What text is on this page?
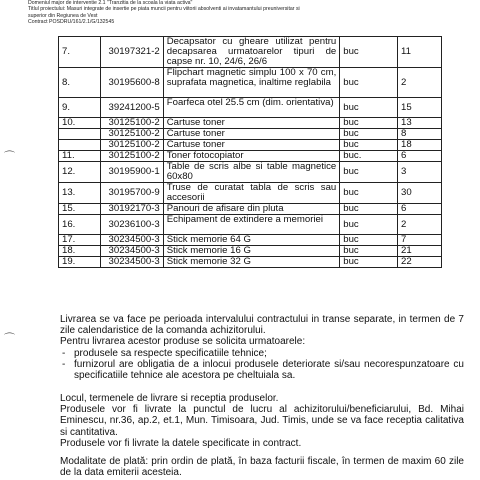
Domeniul major de interventie 2.1 "Tranzitia de la scoala la viata activa"
Titlul proiectului: Masuri integrate de insertie pe piata muncii pentru viitorii absolventi ai invatamantului preuniversitar si
superior din Regiunea de Vest
Contract POSDRU/161/2.1/G/132545
⌒
⌒
7.	30197321-2	Decapsator cu gheare utilizat pentru decapsarea urmatoarelor tipuri de capse nr. 10, 24/6, 26/6	buc	11
8.	30195600-8	Flipchart magnetic simplu 100 x 70 cm, suprafata magnetica, inaltime reglabila	buc	2
9.	39241200-5	Foarfeca otel 25.5 cm (dim. orientativa)	buc	15
10.	30125100-2	Cartuse toner	buc	13
	30125100-2	Cartuse toner	buc	8
	30125100-2	Cartuse toner	buc	18
11.	30125100-2	Toner fotocopiator	buc.	6
12.	30195900-1	Table de scris albe si table magnetice 60x80	buc	3
13.	30195700-9	Truse de curatat tabla de scris sau accesorii	buc	30
15.	30192170-3	Panouri de afisare din pluta	buc	6
16.	30236100-3	Echipament de extindere a memoriei	buc	2
17.	30234500-3	Stick memorie 64 G	buc	7
18.	30234500-3	Stick memorie 16 G	buc	21
19.	30234500-3	Stick memorie 32 G	buc	22

Livrarea se va face pe perioada intervalului contractului in transe separate, in termen de 7 zile calendaristice de la comanda achizitorului.

Pentru livrarea acestor produse se solicita urmatoarele:

- produsele sa respecte specificatiile tehnice;
- furnizorul are obligatia de a inlocui produsele deteriorate si/sau necorespunzatoare cu specificatiile tehnice ale acestora pe cheltuiala sa.

Locul, termenele de livrare si receptia produselor.

Produsele vor fi livrate la punctul de lucru al achizitorului/beneficiarului, Bd. Mihai Eminescu, nr.36, ap.2, et.1, Mun. Timisoara, Jud. Timis, unde se va face receptia calitativa si cantitativa.

Produsele vor fi livrate la datele specificate in contract.

Modalitate de plată: prin ordin de plată, în baza facturii fiscale, în termen de maxim 60 zile de la data emiterii acesteia.
